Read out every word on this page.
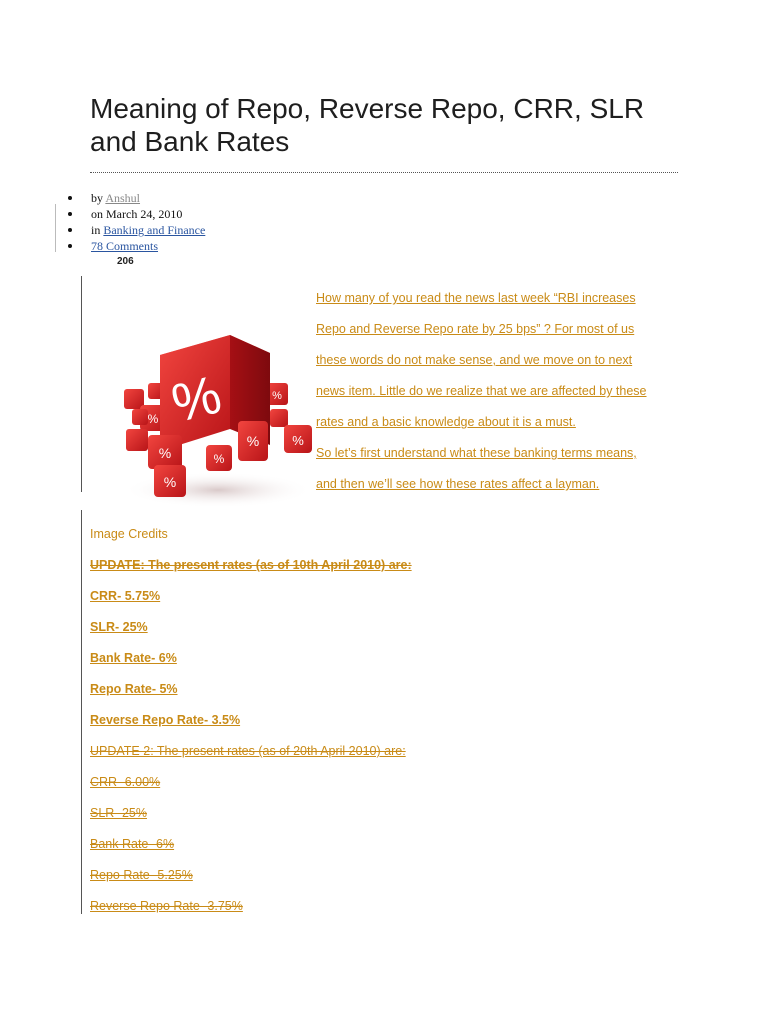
Meaning of Repo, Reverse Repo, CRR, SLR and Bank Rates
by Anshul
on March 24, 2010
in Banking and Finance
78 Comments
206
%
%
%
%
%
%
%
%

How many of you read the news last week “RBI increases

Repo and Reverse Repo rate by 25 bps” ? For most of us

these words do not make sense, and we move on to next

news item. Little do we realize that we are affected by these

rates and a basic knowledge about it is a must.

So let’s first understand what these banking terms means,

and then we’ll see how these rates affect a layman.

Image Credits

UPDATE: The present rates (as of 10th April 2010) are:

CRR- 5.75%

SLR- 25%

Bank Rate- 6%

Repo Rate- 5%

Reverse Repo Rate- 3.5%

UPDATE 2: The present rates (as of 20th April 2010) are:

CRR- 6.00%

SLR- 25%

Bank Rate- 6%

Repo Rate- 5.25%

Reverse Repo Rate- 3.75%
